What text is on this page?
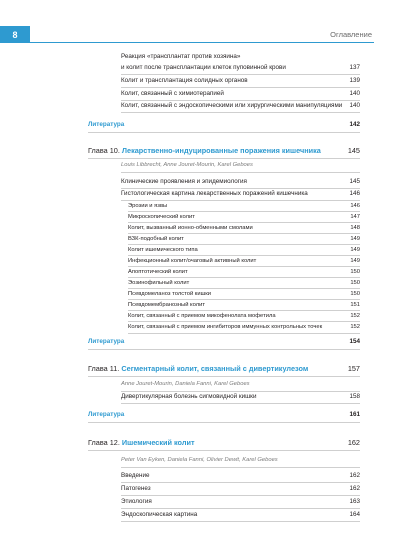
8	Оглавление
Реакция «трансплантат против хозяина»
и колит после трансплантации клеток пуповинной крови	137
Колит и трансплантация солидных органов	139
Колит, связанный с химиотерапией	140
Колит, связанный с эндоскопическими или хирургическими манипуляциями 140
Литература	142
Глава 10. Лекарственно-индуцированные поражения кишечника	145
Louis Libbrecht, Anne Jouret-Mourin, Karel Geboes
Клинические проявления и эпидемиология	145
Гистологическая картина лекарственных поражений кишечника	146
Эрозии и язвы	146
Микроскопический колит	147
Колит, вызванный ионно-обменными смолами	148
ВЗК-подобный колит	149
Колит ишемического типа	149
Инфекционный колит/очаговый активный колит	149
Апоптотический колит	150
Эозинофильный колит	150
Псевдомеланоз толстой кишки	150
Псевдомембранозный колит	151
Колит, связанный с приемом микофенолата мофетила	152
Колит, связанный с приемом ингибиторов иммунных контрольных точек	152
Литература	154
Глава 11. Сегментарный колит, связанный с дивертикулезом	157
Anne Jouret-Mourin, Daniela Fanni, Karel Geboes
Дивертикулярная болезнь сигмовидной кишки	158
Литература	161
Глава 12. Ишемический колит	162
Peter Van Eyken, Daniela Fanni, Olivier Dewit, Karel Geboes
Введение	162
Патогенез	162
Этиология	163
Эндоскопическая картина	164
